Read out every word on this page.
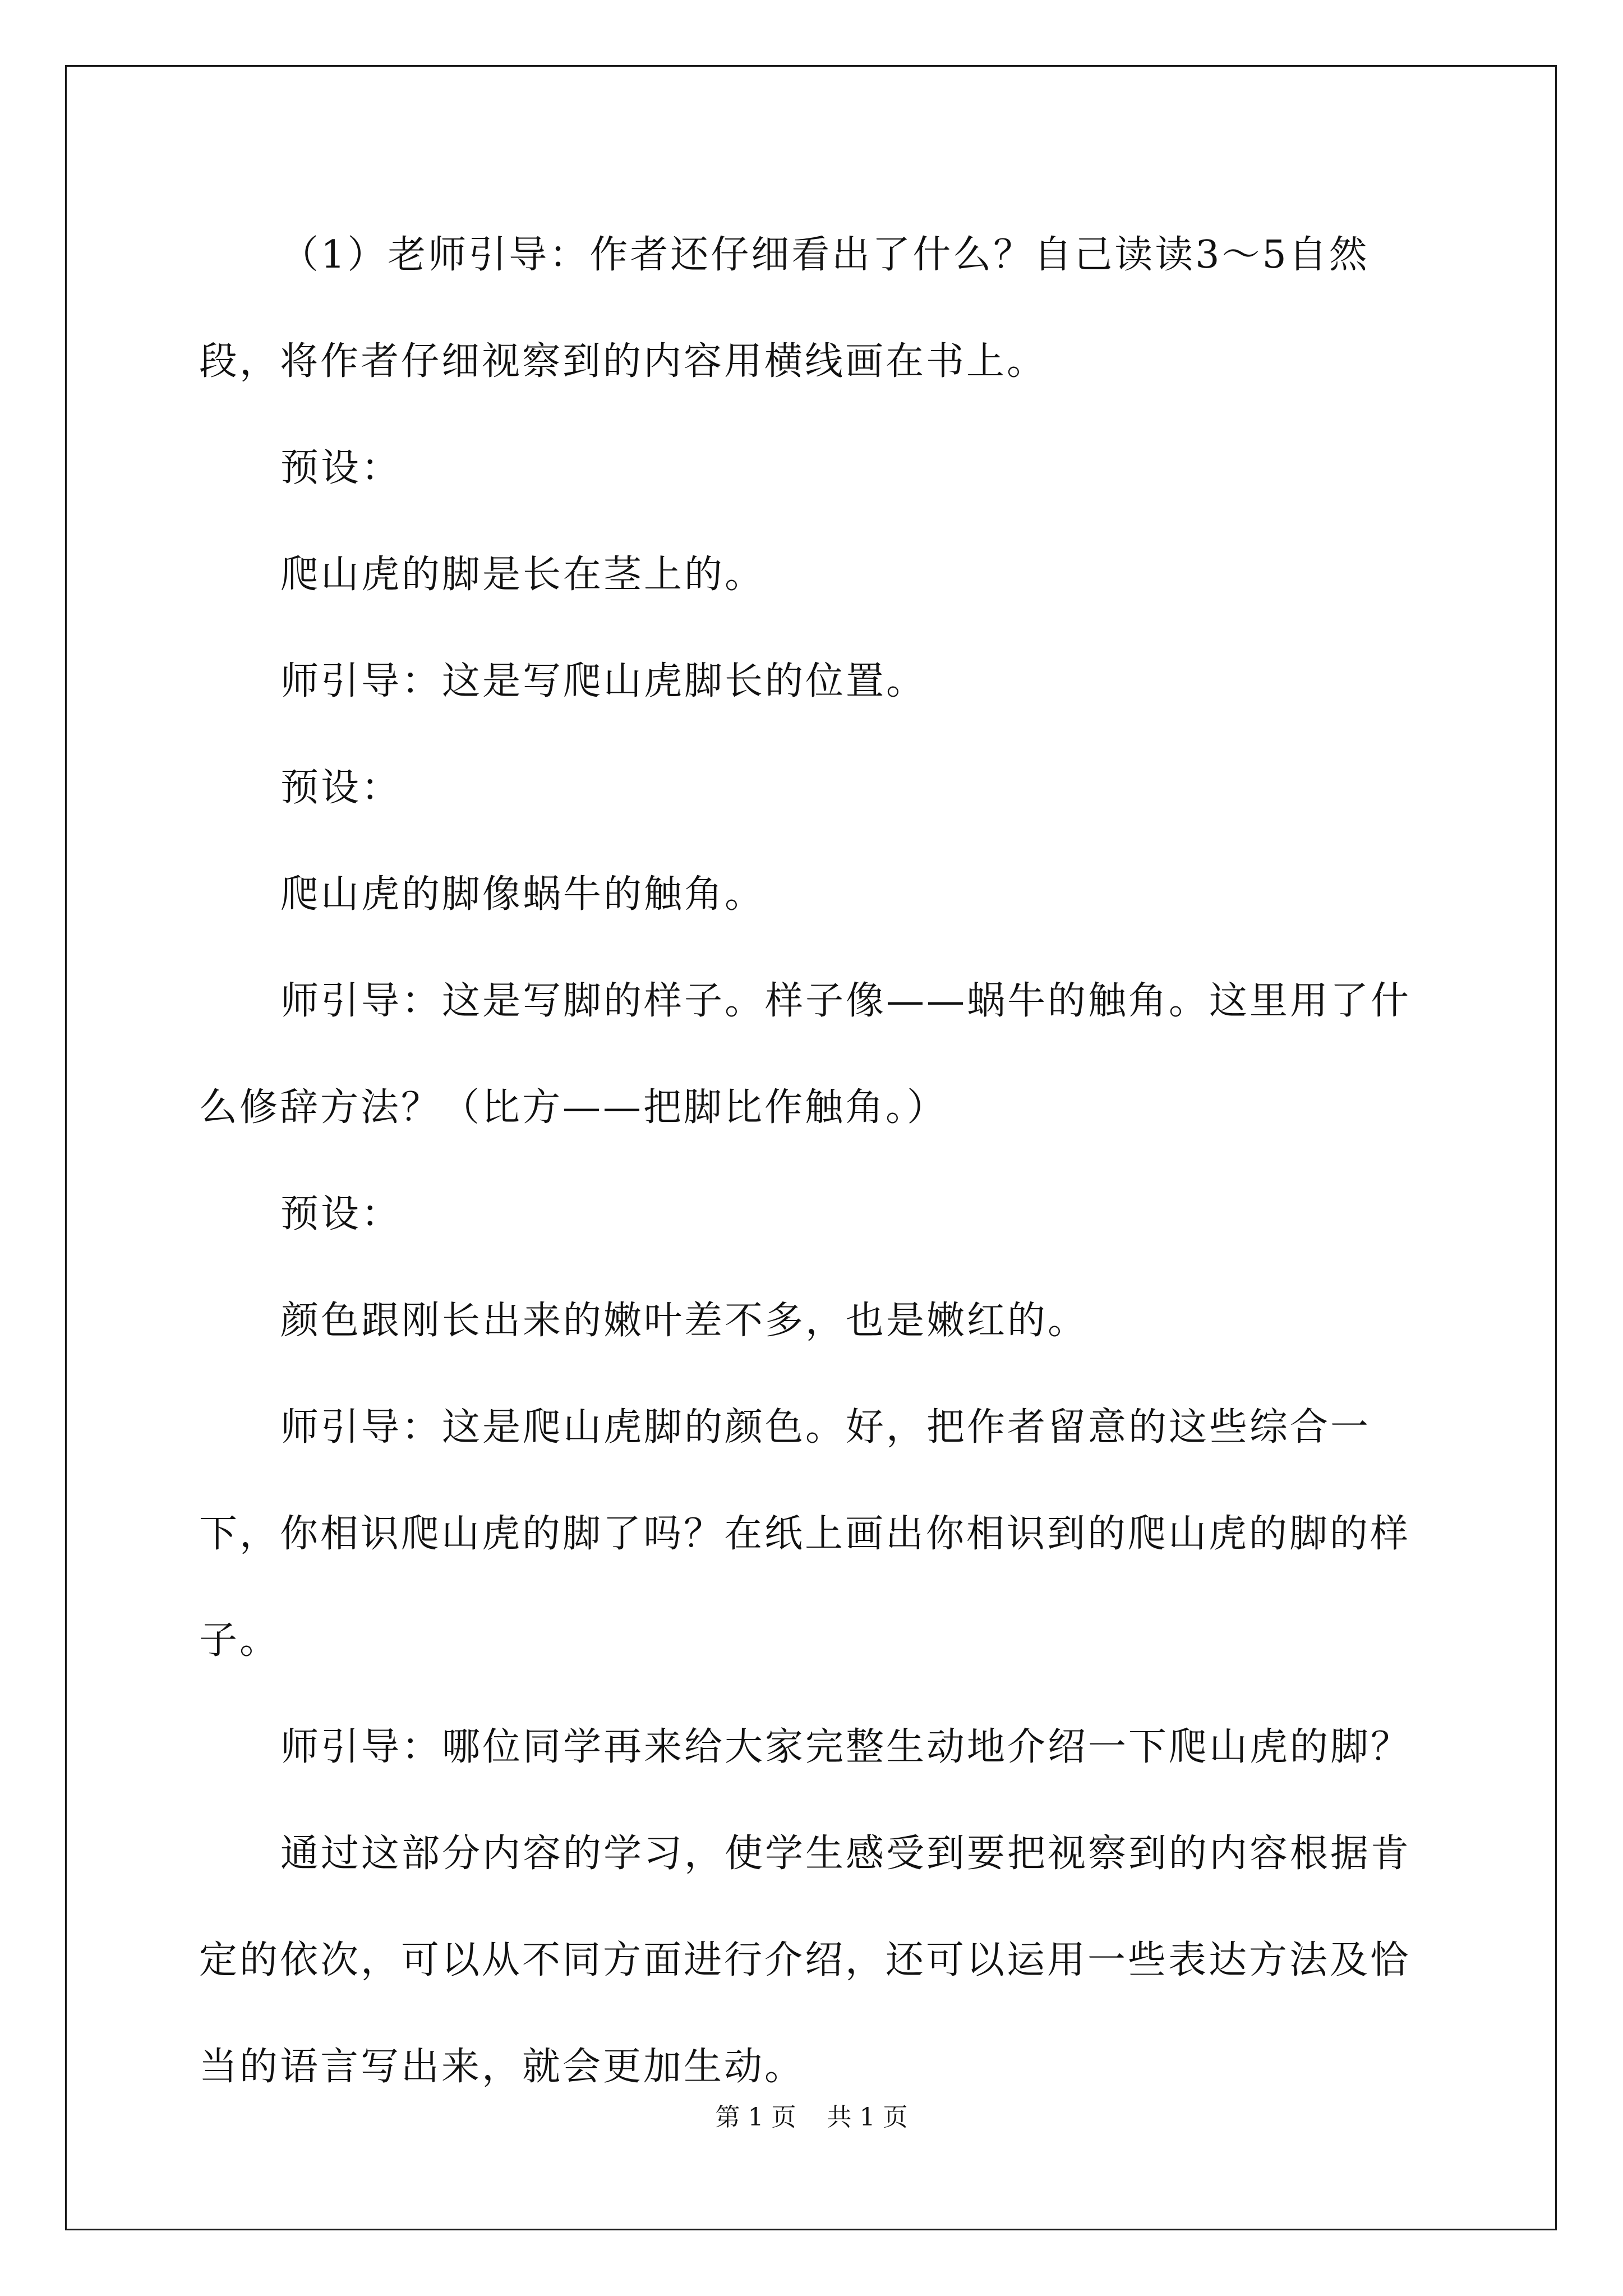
（1）老师引导：作者还仔细看出了什么？自己读读3～5自然段，将作者仔细视察到的内容用横线画在书上。

预设：

爬山虎的脚是长在茎上的。

师引导：这是写爬山虎脚长的位置。

预设：

爬山虎的脚像蜗牛的触角。

师引导：这是写脚的样子。样子像——蜗牛的触角。这里用了什么修辞方法？（比方——把脚比作触角。）

预设：

颜色跟刚长出来的嫩叶差不多，也是嫩红的。

师引导：这是爬山虎脚的颜色。好，把作者留意的这些综合一下，你相识爬山虎的脚了吗？在纸上画出你相识到的爬山虎的脚的样子。

师引导：哪位同学再来给大家完整生动地介绍一下爬山虎的脚？

通过这部分内容的学习，使学生感受到要把视察到的内容根据肯定的依次，可以从不同方面进行介绍，还可以运用一些表达方法及恰当的语言写出来，就会更加生动。

第 1 页 共 1 页
